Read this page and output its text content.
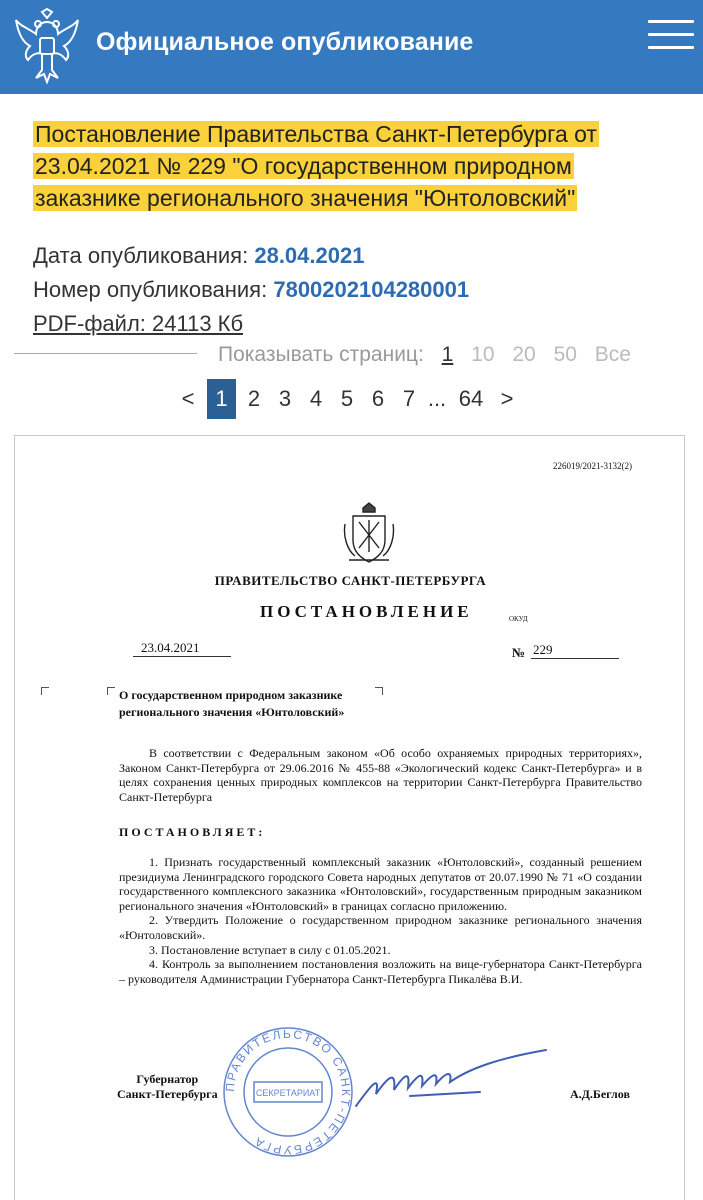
Официальное опубликование
Постановление Правительства Санкт-Петербурга от 23.04.2021 № 229 "О государственном природном заказнике регионального значения "Юнтоловский"
Дата опубликования: 28.04.2021
Номер опубликования: 7800202104280001
PDF-файл: 24113 Кб
Показывать страниц: 1 10 20 50 Все
< 1 2 3 4 5 6 7 ... 64 >
226019/2021-3132(2)
ПРАВИТЕЛЬСТВО САНКТ-ПЕТЕРБУРГА
ПОСТАНОВЛЕНИЕ	ОКУД
23.04.2021	№ 229
О государственном природном заказнике
регионального значения «Юнтоловский»
В соответствии с Федеральным законом «Об особо охраняемых природных территориях», Законом Санкт-Петербурга от 29.06.2016 № 455-88 «Экологический кодекс Санкт-Петербурга» и в целях сохранения ценных природных комплексов на территории Санкт-Петербурга Правительство Санкт-Петербурга
ПОСТАНОВЛЯЕТ:

1. Признать государственный комплексный заказник «Юнтоловский», созданный решением президиума Ленинградского городского Совета народных депутатов от 20.07.1990 № 71 «О создании государственного комплексного заказника «Юнтоловский», государственным природным заказником регионального значения «Юнтоловский» в границах согласно приложению.

2. Утвердить Положение о государственном природном заказнике регионального значения «Юнтоловский».

3. Постановление вступает в силу с 01.05.2021.

4. Контроль за выполнением постановления возложить на вице-губернатора Санкт-Петербурга – руководителя Администрации Губернатора Санкт-Петербурга Пикалёва В.И.

Губернатор
Санкт-Петербурга
ПРАВИТЕЛЬСТВО САНКТ-ПЕТЕРБУРГА
СЕКРЕТАРИАТ	А.Д.Беглов
